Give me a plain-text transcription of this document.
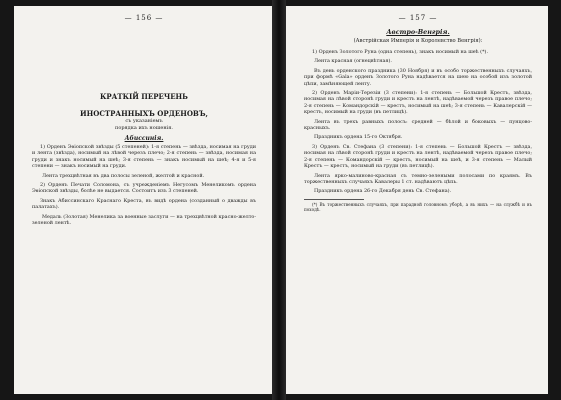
— 156 —
КРАТКІЙ ПЕРЕЧЕНЬ
ИНОСТРАННЫХЪ ОРДЕНОВЪ,
съ указаніемъ
порядка ихъ ношенія.
Абиссинія.

1) Орденъ Эѳіопской звѣзды (5 степеней): 1-я степень — звѣзда, носимая на груди и лента (звѣзда), носимый на лѣвой черезъ плечо; 2-я степень — звѣзда, носимая на груди и знакъ носимый на шеѣ; 3-я степень — знакъ носимый на шеѣ; 4-я и 5-я степени — знакъ носимый на груди.

Лента трехцвѣтная въ два полосы зеленой, желтой и красной.

2) Орденъ Печати Соломона, съ учрежденіемъ Негусомъ Менеликомъ ордена Эѳіопской звѣзды, болѣе не выдается. Состоитъ изъ 3 степеней.

Знакъ Абиссинскаго Краснаго Креста, въ видѣ ордена (созданный о дважды въ палатахъ).

Медаль (Золотая) Менелика за военные заслуги — на трехцвѣтной красно-желто-зеленой лентѣ.

— 157 —
Австро-Венгрія.
(Австрійская Имперія и Королевство Венгрія):

1) Орденъ Золотого Руна (одна степень), знакъ носимый на шеѣ (*).

Лента красная (огнецвѣтная).

Въ день орденского праздника (30 Ноября) и въ особо торжественныхъ случаяхъ, при формѣ «Gala» орденъ Золотого Руна надѣвается на шею на особой изъ золотой цѣпи, замѣняющей ленту.

2) Орденъ Маріи-Терезіи (3 степени): 1-я степень — Большой Крестъ, звѣзда, носимая на лѣвой сторонѣ груди и крестъ на лентѣ, надѣваемой черезъ правое плечо; 2-я степень — Командорскій — крестъ, носимый на шеѣ; 3-я степень — Кавалерскій — крестъ, носимый на груди (въ петлицѣ).

Лента въ трехъ равныхъ полосъ: средней — бѣлой и боковыхъ — пунцово-красныхъ.

Праздникъ ордена 15-го Октября.

3) Орденъ Св. Стефана (3 степени): 1-я степень — Большой Крестъ — звѣзда, носимая на лѣвой сторонѣ груди и крестъ на лентѣ, надѣваемой черезъ правое плечо; 2-я степень — Командорскій — крестъ, носимый на шеѣ, и 3-я степень — Малый Крестъ — крестъ, носимый на груди (въ петлицѣ).

Лента ярко-малиново-красная съ темно-зелеными полосами по краямъ. Въ торжественныхъ случаяхъ Кавалеры 1 ст. надѣваютъ цѣпь.

Праздникъ ордена 26-го Декабря день Св. Стефана).

(*) Въ торжественныхъ случаяхъ, при парадной головномъ уборѣ, а въ нихъ — на службѣ и въ походѣ.
